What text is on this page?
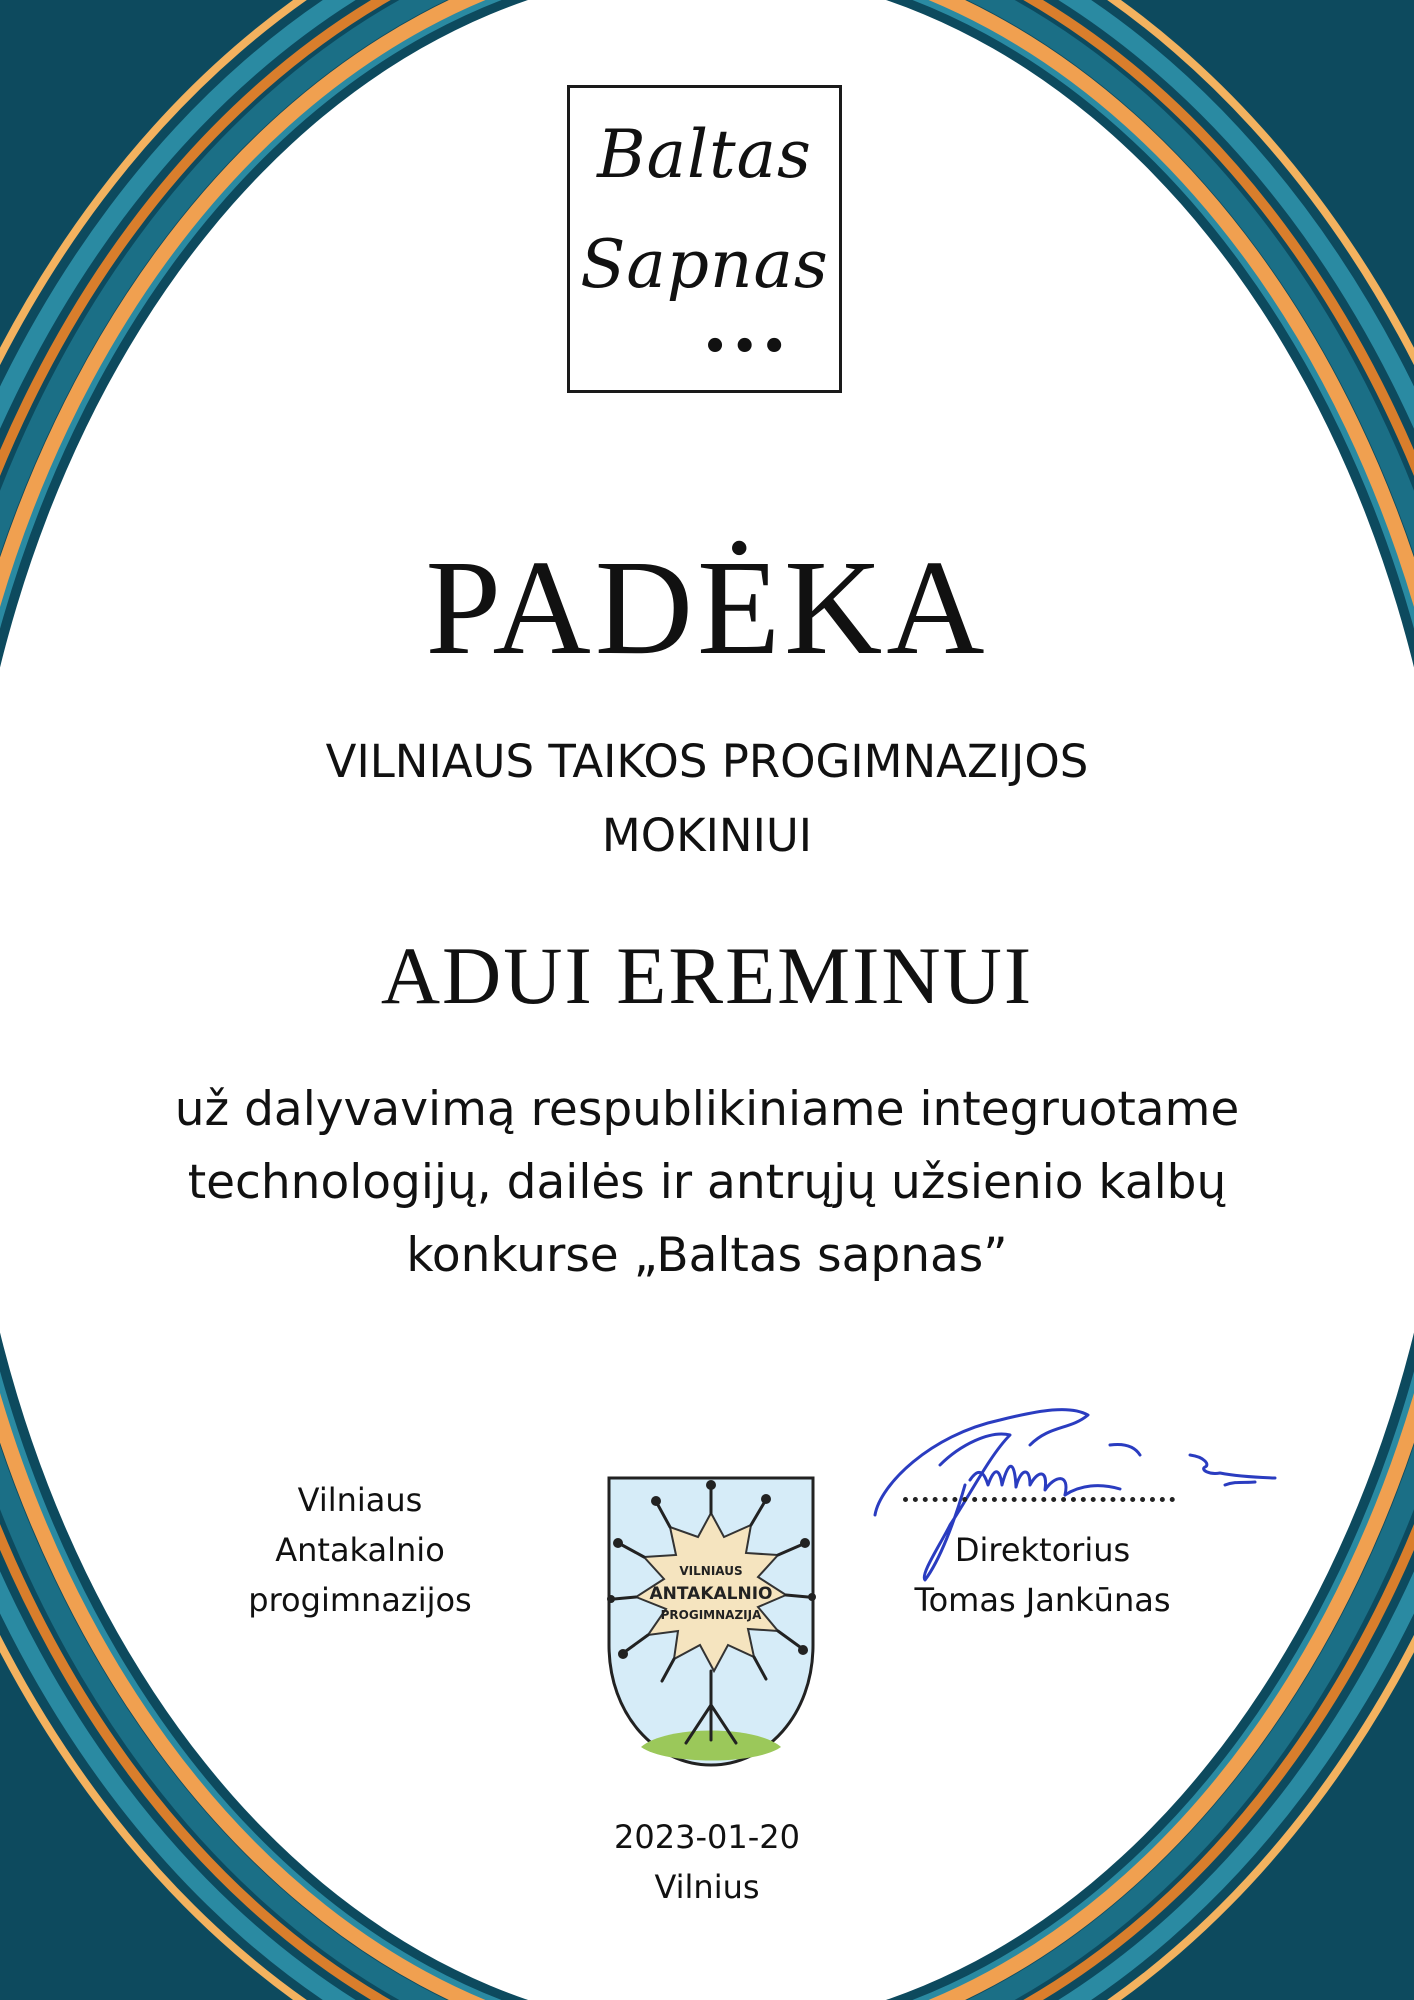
Baltas
Sapnas
•••
PADĖKA
VILNIAUS TAIKOS PROGIMNAZIJOS
MOKINIUI
ADUI EREMINUI
už dalyvavimą respublikiniame integruotame
technologijų, dailės ir antrųjų užsienio kalbų
konkurse „Baltas sapnas”
Vilniaus
Antakalnio
progimnazijos
VILNIAUS
ANTAKALNIO
PROGIMNAZIJA
Direktorius
Tomas Jankūnas
2023-01-20
Vilnius
